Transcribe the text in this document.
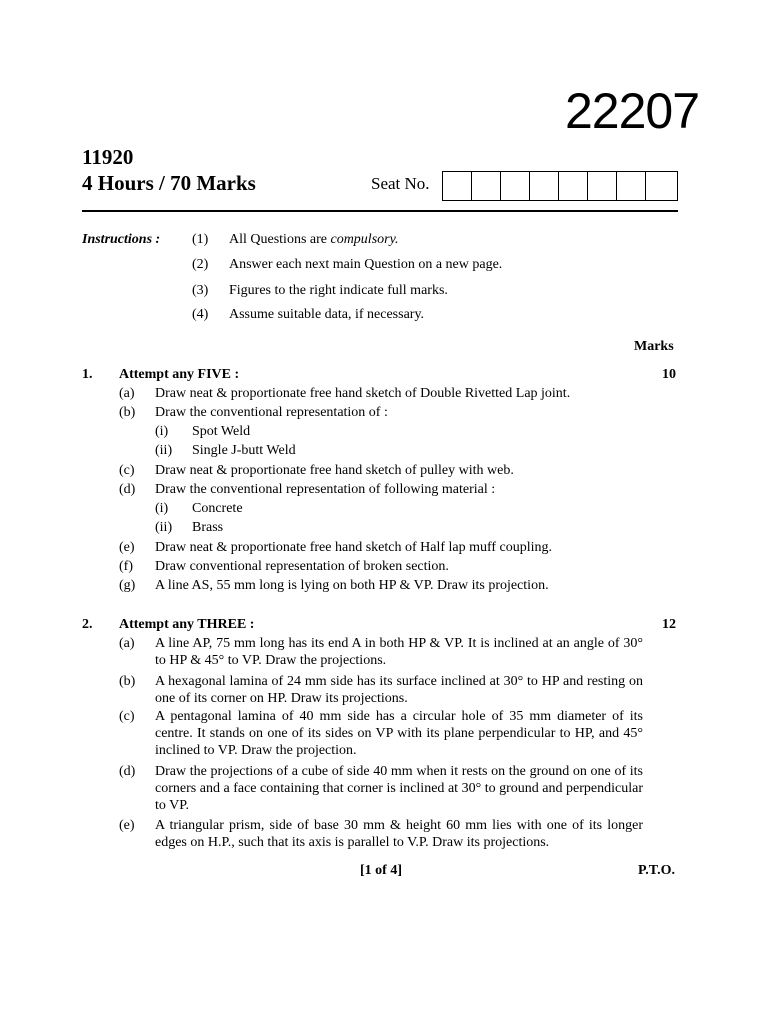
22207
11920
4 Hours / 70 Marks	Seat No.
Instructions : (1) All Questions are compulsory.
(2) Answer each next main Question on a new page.
(3) Figures to the right indicate full marks.
(4) Assume suitable data, if necessary.
Marks
1. Attempt any FIVE :	10
(a) Draw neat & proportionate free hand sketch of Double Rivetted Lap joint.
(b) Draw the conventional representation of :
(i) Spot Weld
(ii) Single J-butt Weld
(c) Draw neat & proportionate free hand sketch of pulley with web.
(d) Draw the conventional representation of following material :
(i) Concrete
(ii) Brass
(e) Draw neat & proportionate free hand sketch of Half lap muff coupling.
(f) Draw conventional representation of broken section.
(g) A line AS, 55 mm long is lying on both HP & VP. Draw its projection.
2. Attempt any THREE :	12
(a) A line AP, 75 mm long has its end A in both HP & VP. It is inclined at an angle of 30° to HP & 45° to VP. Draw the projections.
(b) A hexagonal lamina of 24 mm side has its surface inclined at 30° to HP and resting on one of its corner on HP. Draw its projections.
(c) A pentagonal lamina of 40 mm side has a circular hole of 35 mm diameter of its centre. It stands on one of its sides on VP with its plane perpendicular to HP, and 45° inclined to VP. Draw the projection.
(d) Draw the projections of a cube of side 40 mm when it rests on the ground on one of its corners and a face containing that corner is inclined at 30° to ground and perpendicular to VP.
(e) A triangular prism, side of base 30 mm & height 60 mm lies with one of its longer edges on H.P., such that its axis is parallel to V.P. Draw its projections.
[1 of 4]	P.T.O.
